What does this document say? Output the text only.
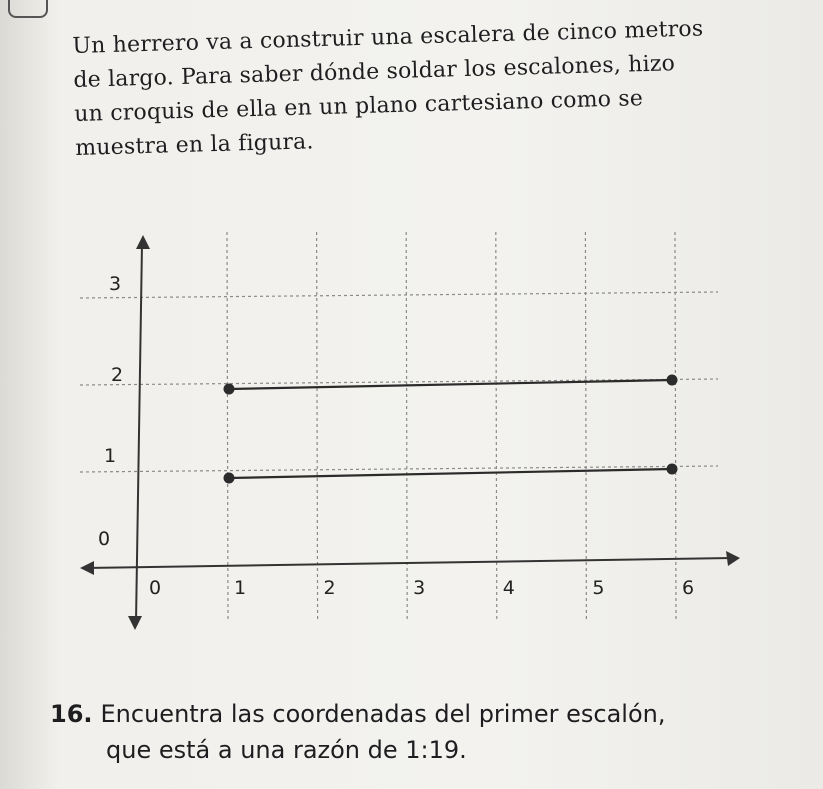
Un herrero va a construir una escalera de cinco metros
de largo. Para saber dónde soldar los escalones, hizo
un croquis de ella en un plano cartesiano como se
muestra en la figura.
0	1	2	3	4	5	6
0
1
2
3
16. Encuentra las coordenadas del primer escalón,
que está a una razón de 1:19.
